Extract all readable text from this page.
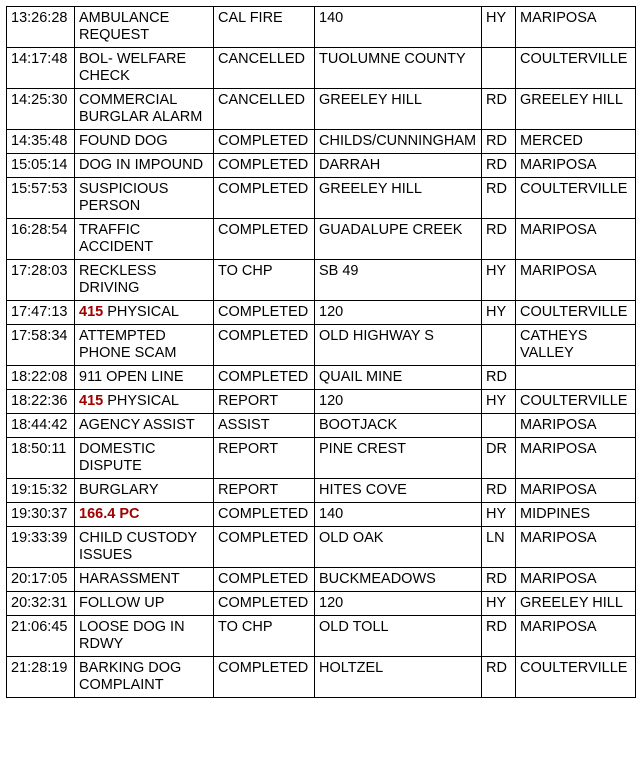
13:26:28	AMBULANCE REQUEST	CAL FIRE	140	HY	MARIPOSA
14:17:48	BOL- WELFARE CHECK	CANCELLED	TUOLUMNE COUNTY		COULTERVILLE
14:25:30	COMMERCIAL BURGLAR ALARM	CANCELLED	GREELEY HILL	RD	GREELEY HILL
14:35:48	FOUND DOG	COMPLETED	CHILDS/CUNNINGHAM	RD	MERCED
15:05:14	DOG IN IMPOUND	COMPLETED	DARRAH	RD	MARIPOSA
15:57:53	SUSPICIOUS PERSON	COMPLETED	GREELEY HILL	RD	COULTERVILLE
16:28:54	TRAFFIC ACCIDENT	COMPLETED	GUADALUPE CREEK	RD	MARIPOSA
17:28:03	RECKLESS DRIVING	TO CHP	SB 49	HY	MARIPOSA
17:47:13	415 PHYSICAL	COMPLETED	120	HY	COULTERVILLE
17:58:34	ATTEMPTED PHONE SCAM	COMPLETED	OLD HIGHWAY S		CATHEYS VALLEY
18:22:08	911 OPEN LINE	COMPLETED	QUAIL MINE	RD	
18:22:36	415 PHYSICAL	REPORT	120	HY	COULTERVILLE
18:44:42	AGENCY ASSIST	ASSIST	BOOTJACK		MARIPOSA
18:50:11	DOMESTIC DISPUTE	REPORT	PINE CREST	DR	MARIPOSA
19:15:32	BURGLARY	REPORT	HITES COVE	RD	MARIPOSA
19:30:37	166.4 PC	COMPLETED	140	HY	MIDPINES
19:33:39	CHILD CUSTODY ISSUES	COMPLETED	OLD OAK	LN	MARIPOSA
20:17:05	HARASSMENT	COMPLETED	BUCKMEADOWS	RD	MARIPOSA
20:32:31	FOLLOW UP	COMPLETED	120	HY	GREELEY HILL
21:06:45	LOOSE DOG IN RDWY	TO CHP	OLD TOLL	RD	MARIPOSA
21:28:19	BARKING DOG COMPLAINT	COMPLETED	HOLTZEL	RD	COULTERVILLE
